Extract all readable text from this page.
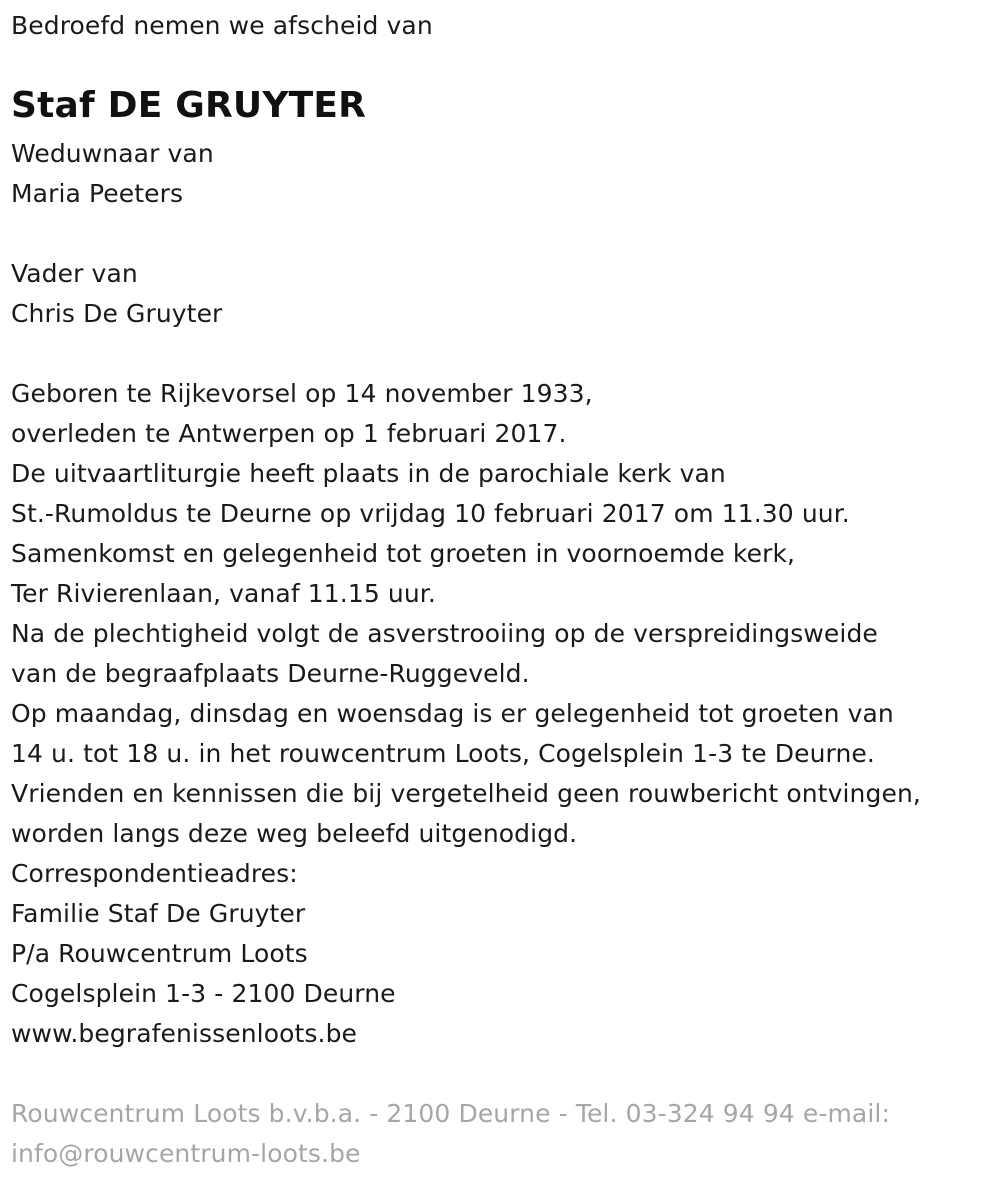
Bedroefd nemen we afscheid van
Staf DE GRUYTER
Weduwnaar van
Maria Peeters
Vader van
Chris De Gruyter
Geboren te Rijkevorsel op 14 november 1933,
overleden te Antwerpen op 1 februari 2017.
De uitvaartliturgie heeft plaats in de parochiale kerk van
St.-Rumoldus te Deurne op vrijdag 10 februari 2017 om 11.30 uur.
Samenkomst en gelegenheid tot groeten in voornoemde kerk,
Ter Rivierenlaan, vanaf 11.15 uur.
Na de plechtigheid volgt de asverstrooiing op de verspreidingsweide
van de begraafplaats Deurne-Ruggeveld.
Op maandag, dinsdag en woensdag is er gelegenheid tot groeten van
14 u. tot 18 u. in het rouwcentrum Loots, Cogelsplein 1-3 te Deurne.
Vrienden en kennissen die bij vergetelheid geen rouwbericht ontvingen,
worden langs deze weg beleefd uitgenodigd.
Correspondentieadres:
Familie Staf De Gruyter
P/a Rouwcentrum Loots
Cogelsplein 1-3 - 2100 Deurne
www.begrafenissenloots.be
Rouwcentrum Loots b.v.b.a. - 2100 Deurne - Tel. 03-324 94 94 e-mail:
info@rouwcentrum-loots.be
